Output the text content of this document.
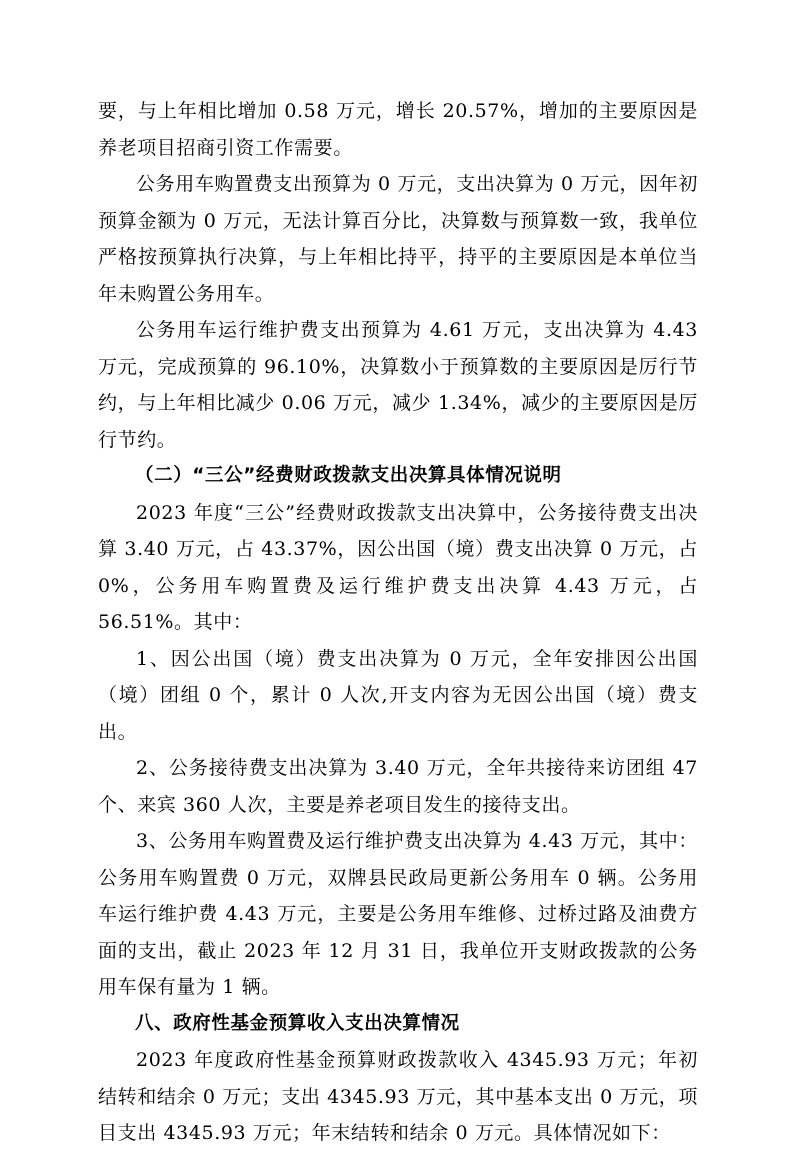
要，与上年相比增加 0.58 万元，增长 20.57%，增加的主要原因是养老项目招商引资工作需要。

公务用车购置费支出预算为 0 万元，支出决算为 0 万元，因年初预算金额为 0 万元，无法计算百分比，决算数与预算数一致，我单位严格按预算执行决算，与上年相比持平，持平的主要原因是本单位当年未购置公务用车。

公务用车运行维护费支出预算为 4.61 万元，支出决算为 4.43 万元，完成预算的 96.10%，决算数小于预算数的主要原因是厉行节约，与上年相比减少 0.06 万元，减少 1.34%，减少的主要原因是厉行节约。

（二）“三公”经费财政拨款支出决算具体情况说明

2023 年度“三公”经费财政拨款支出决算中，公务接待费支出决算 3.40 万元，占 43.37%，因公出国（境）费支出决算 0 万元，占 0%，公务用车购置费及运行维护费支出决算 4.43 万元，占 56.51%。其中：

1、因公出国（境）费支出决算为 0 万元，全年安排因公出国（境）团组 0 个，累计 0 人次,开支内容为无因公出国（境）费支出。

2、公务接待费支出决算为 3.40 万元，全年共接待来访团组 47 个、来宾 360 人次，主要是养老项目发生的接待支出。

3、公务用车购置费及运行维护费支出决算为 4.43 万元，其中：公务用车购置费 0 万元，双牌县民政局更新公务用车 0 辆。公务用车运行维护费 4.43 万元，主要是公务用车维修、过桥过路及油费方面的支出，截止 2023 年 12 月 31 日，我单位开支财政拨款的公务用车保有量为 1 辆。

八、政府性基金预算收入支出决算情况

2023 年度政府性基金预算财政拨款收入 4345.93 万元；年初结转和结余 0 万元；支出 4345.93 万元，其中基本支出 0 万元，项目支出 4345.93 万元；年末结转和结余 0 万元。具体情况如下：
